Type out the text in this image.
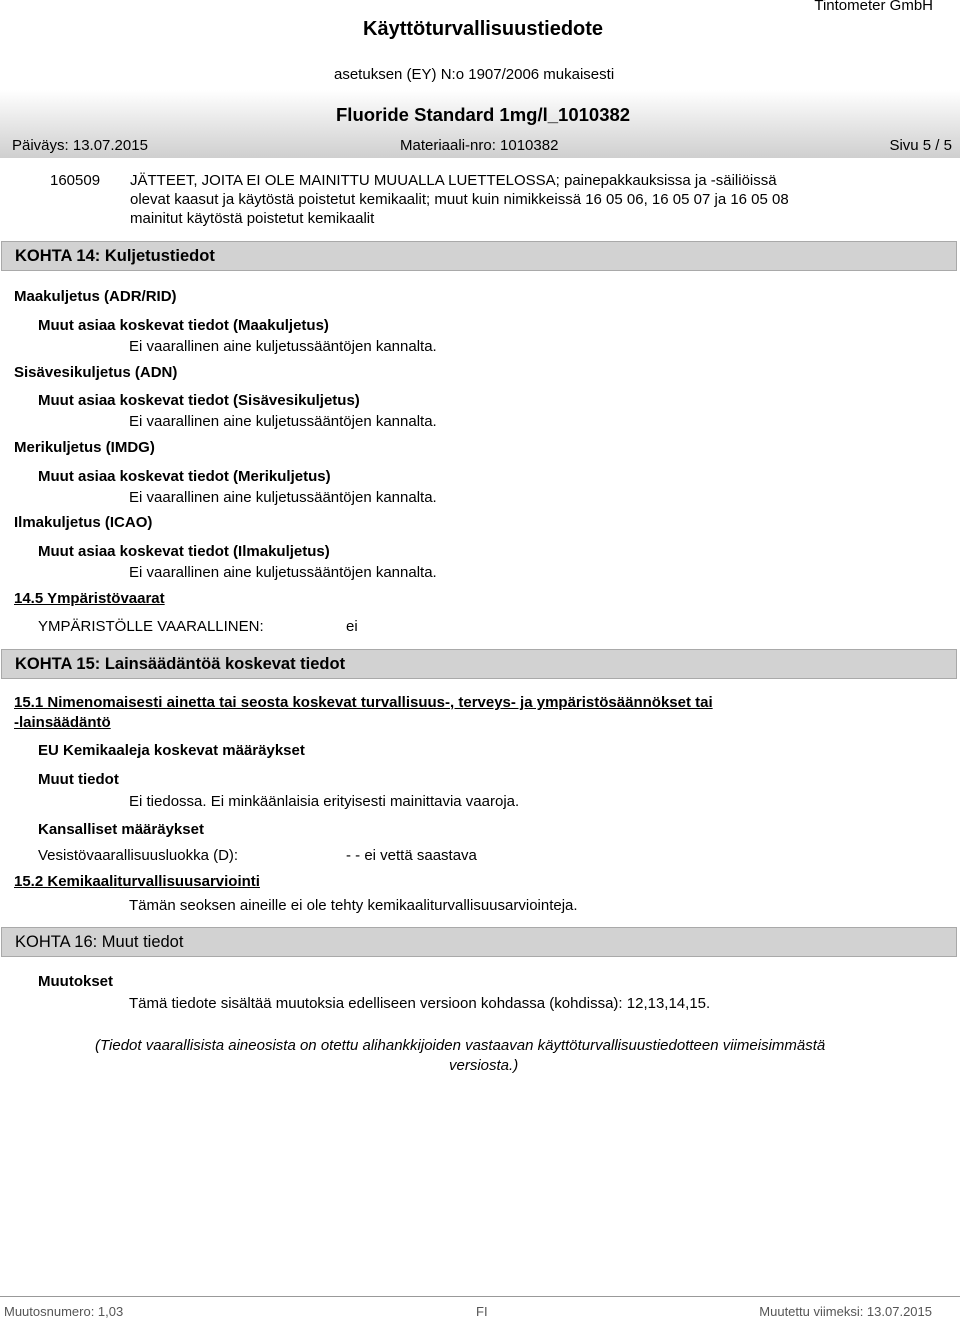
Käyttöturvallisuustiedote
Tintometer GmbH
asetuksen (EY) N:o 1907/2006 mukaisesti
Fluoride Standard 1mg/l_1010382
Päiväys: 13.07.2015	Materiaali-nro: 1010382	Sivu 5 / 5
160509 JÄTTEET, JOITA EI OLE MAINITTU MUUALLA LUETTELOSSA; painepakkauksissa ja -säiliöissä
olevat kaasut ja käytöstä poistetut kemikaalit; muut kuin nimikkeissä 16 05 06, 16 05 07 ja 16 05 08
mainitut käytöstä poistetut kemikaalit
KOHTA 14: Kuljetustiedot
Maakuljetus (ADR/RID)
Muut asiaa koskevat tiedot (Maakuljetus)
Ei vaarallinen aine kuljetussääntöjen kannalta.
Sisävesikuljetus (ADN)
Muut asiaa koskevat tiedot (Sisävesikuljetus)
Ei vaarallinen aine kuljetussääntöjen kannalta.
Merikuljetus (IMDG)
Muut asiaa koskevat tiedot (Merikuljetus)
Ei vaarallinen aine kuljetussääntöjen kannalta.
Ilmakuljetus (ICAO)
Muut asiaa koskevat tiedot (Ilmakuljetus)
Ei vaarallinen aine kuljetussääntöjen kannalta.
14.5 Ympäristövaarat
YMPÄRISTÖLLE VAARALLINEN:	ei
KOHTA 15: Lainsäädäntöä koskevat tiedot
15.1 Nimenomaisesti ainetta tai seosta koskevat turvallisuus-, terveys- ja ympäristösäännökset tai
-lainsäädäntö
EU Kemikaaleja koskevat määräykset
Muut tiedot
Ei tiedossa. Ei minkäänlaisia erityisesti mainittavia vaaroja.
Kansalliset määräykset
Vesistövaarallisuusluokka (D):	- - ei vettä saastava
15.2 Kemikaaliturvallisuusarviointi
Tämän seoksen aineille ei ole tehty kemikaaliturvallisuusarviointeja.
KOHTA 16: Muut tiedot
Muutokset
Tämä tiedote sisältää muutoksia edelliseen versioon kohdassa (kohdissa): 12,13,14,15.
(Tiedot vaarallisista aineosista on otettu alihankkijoiden vastaavan käyttöturvallisuustiedotteen viimeisimmästä
versiosta.)
Muutosnumero: 1,03	FI	Muutettu viimeksi: 13.07.2015
